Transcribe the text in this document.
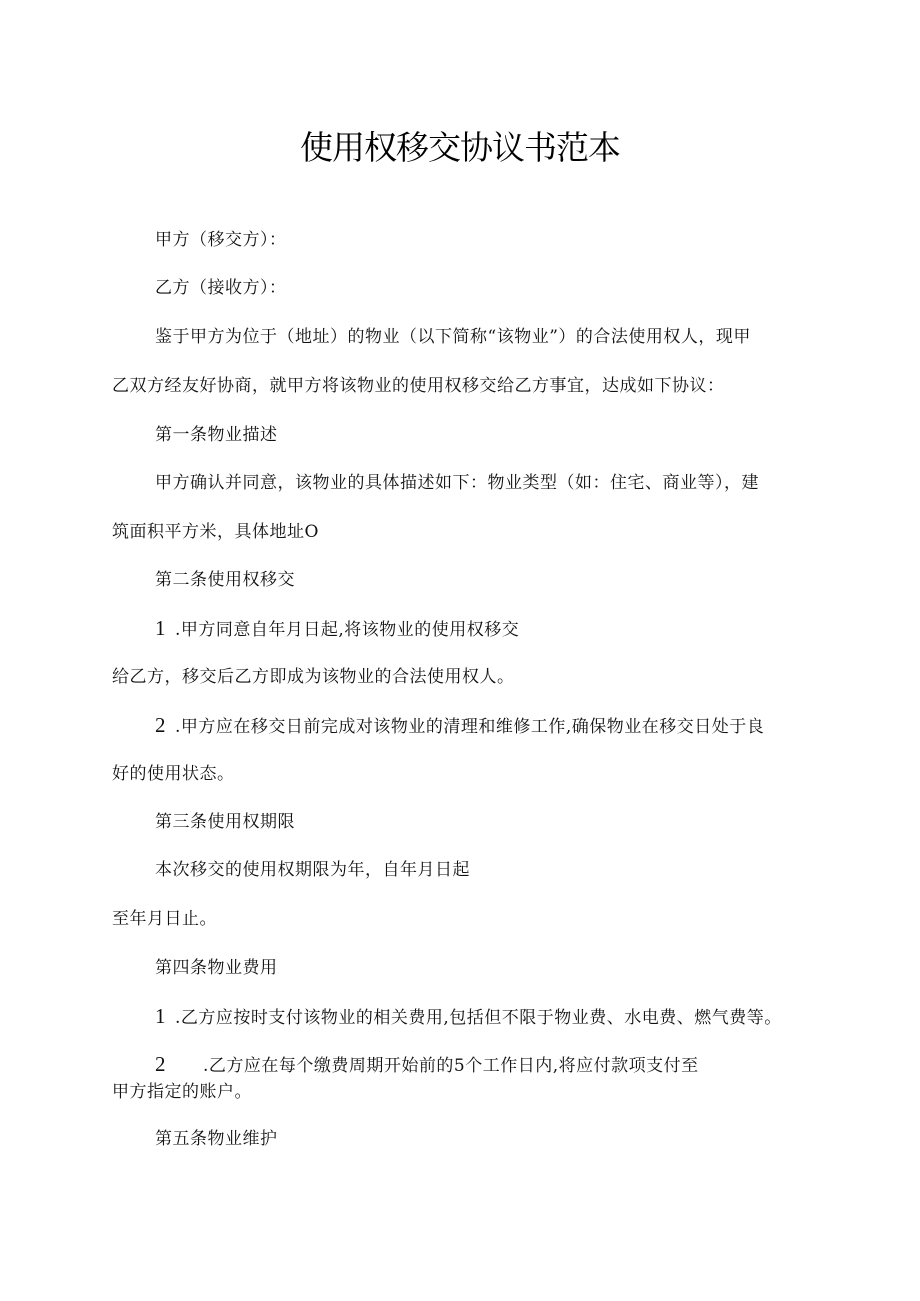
使用权移交协议书范本
甲方（移交方）：
乙方（接收方）：
鉴于甲方为位于（地址）的物业（以下简称“该物业”）的合法使用权人，现甲
乙双方经友好协商，就甲方将该物业的使用权移交给乙方事宜，达成如下协议：
第一条物业描述
甲方确认并同意，该物业的具体描述如下：物业类型（如：住宅、商业等），建
筑面积平方米，具体地址O
第二条使用权移交
1 .甲方同意自年月日起,将该物业的使用权移交
给乙方，移交后乙方即成为该物业的合法使用权人。
2 .甲方应在移交日前完成对该物业的清理和维修工作,确保物业在移交日处于良
好的使用状态。
第三条使用权期限
本次移交的使用权期限为年，自年月日起
至年月日止。
第四条物业费用
1 .乙方应按时支付该物业的相关费用,包括但不限于物业费、水电费、燃气费等。
2 .乙方应在每个缴费周期开始前的5个工作日内,将应付款项支付至
甲方指定的账户。
第五条物业维护
